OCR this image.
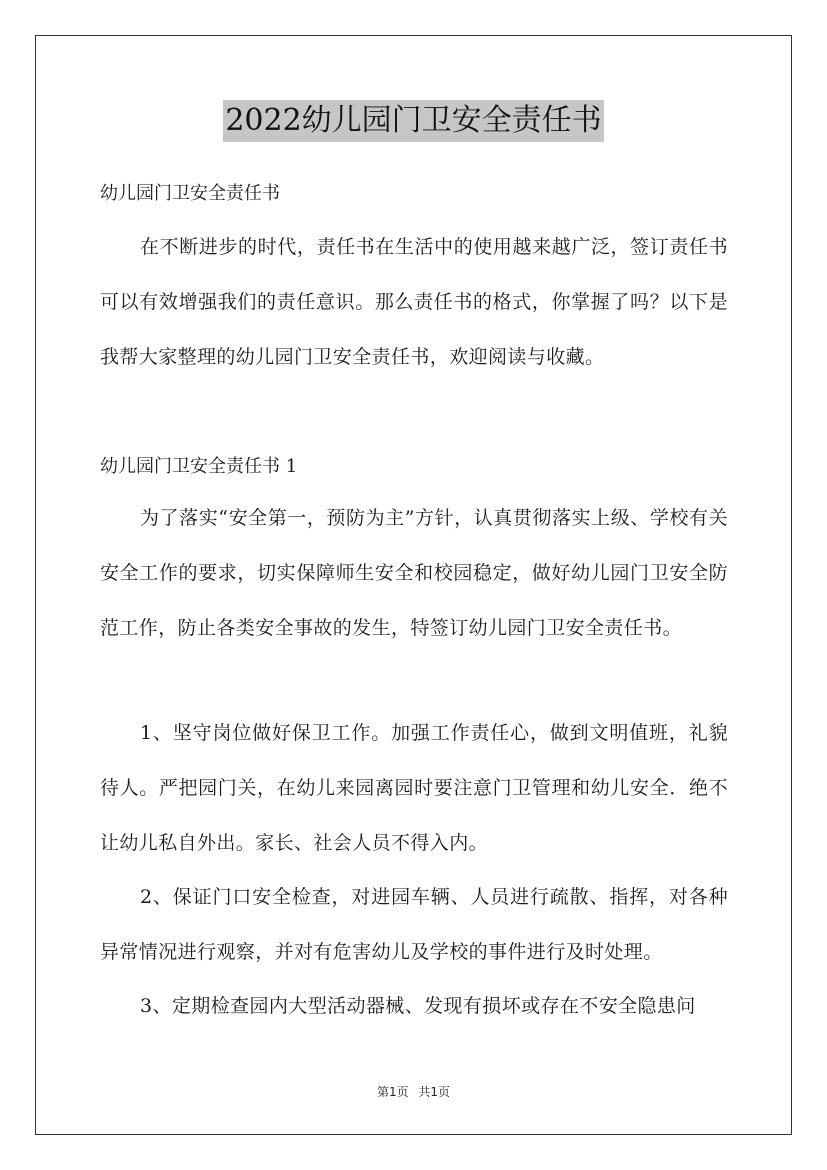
2022幼儿园门卫安全责任书
幼儿园门卫安全责任书
在不断进步的时代，责任书在生活中的使用越来越广泛，签订责任书可以有效增强我们的责任意识。那么责任书的格式，你掌握了吗？以下是我帮大家整理的幼儿园门卫安全责任书，欢迎阅读与收藏。
幼儿园门卫安全责任书 1
为了落实“安全第一，预防为主”方针，认真贯彻落实上级、学校有关安全工作的要求，切实保障师生安全和校园稳定，做好幼儿园门卫安全防范工作，防止各类安全事故的发生，特签订幼儿园门卫安全责任书。
1、坚守岗位做好保卫工作。加强工作责任心，做到文明值班，礼貌待人。严把园门关，在幼儿来园离园时要注意门卫管理和幼儿安全．绝不让幼儿私自外出。家长、社会人员不得入内。
2、保证门口安全检查，对进园车辆、人员进行疏散、指挥，对各种异常情况进行观察，并对有危害幼儿及学校的事件进行及时处理。
3、定期检查园内大型活动器械、发现有损坏或存在不安全隐患问
第1页 共1页
